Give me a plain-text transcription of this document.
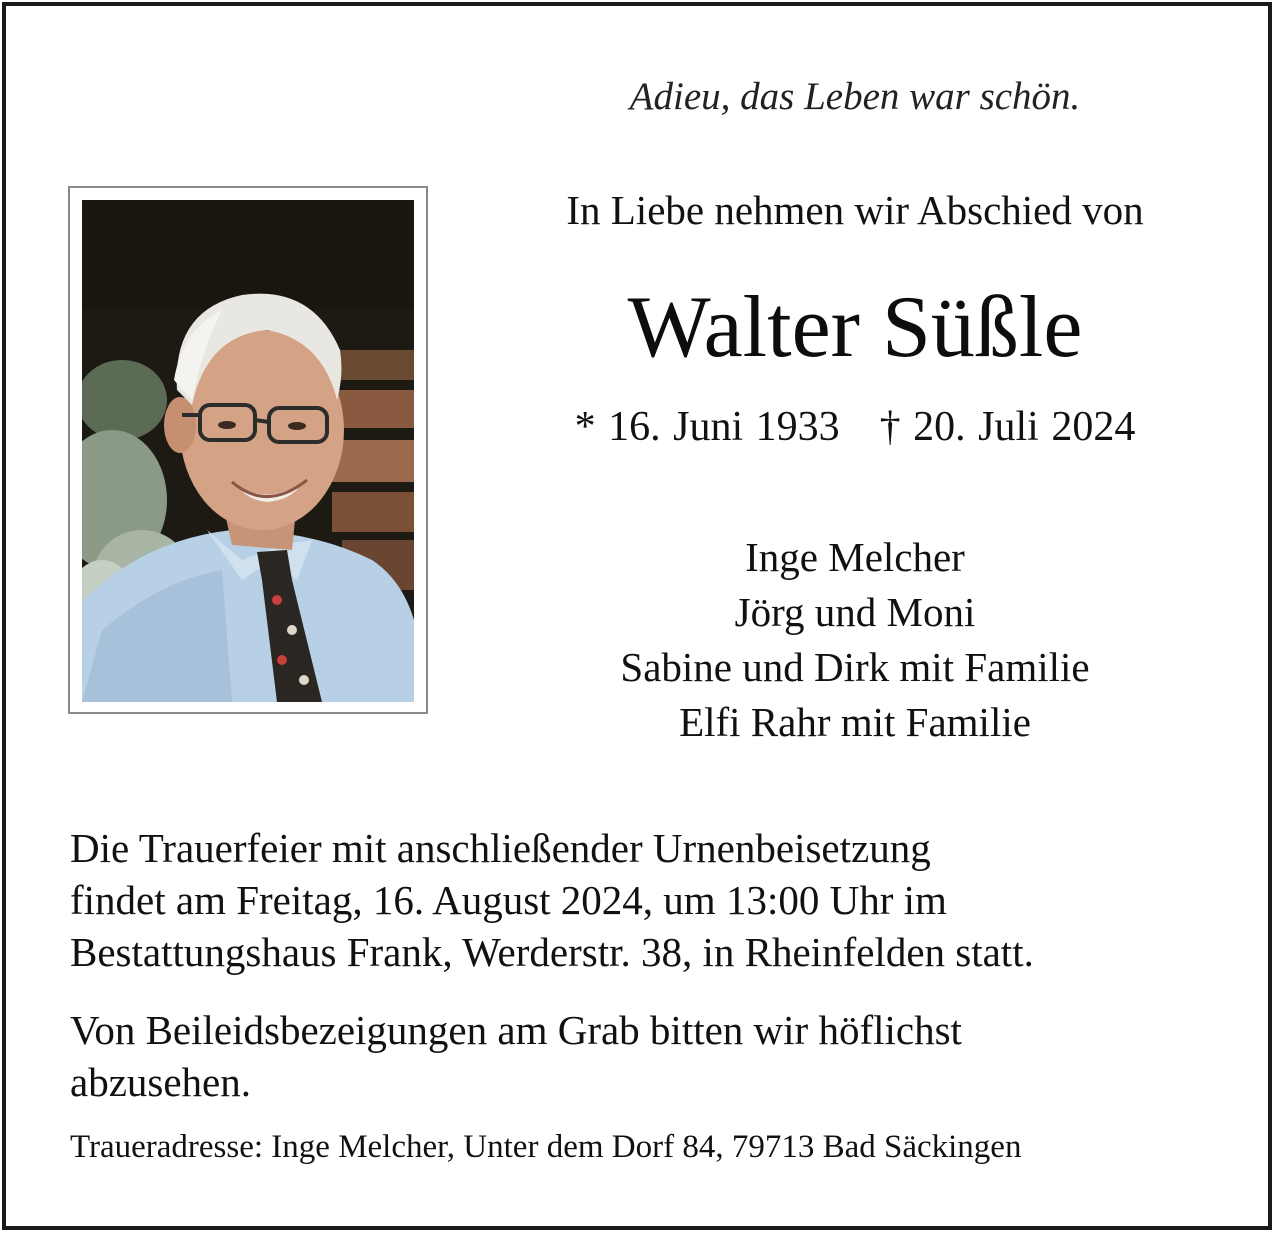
Adieu, das Leben war schön.
In Liebe nehmen wir Abschied von
Walter Süßle
* 16. Juni 1933 † 20. Juli 2024
Inge Melcher
Jörg und Moni
Sabine und Dirk mit Familie
Elfi Rahr mit Familie
Die Trauerfeier mit anschließender Urnenbeisetzung
findet am Freitag, 16. August 2024, um 13:00 Uhr im
Bestattungshaus Frank, Werderstr. 38, in Rheinfelden statt.
Von Beileidsbezeigungen am Grab bitten wir höflichst
abzusehen.
Traueradresse: Inge Melcher, Unter dem Dorf 84, 79713 Bad Säckingen
